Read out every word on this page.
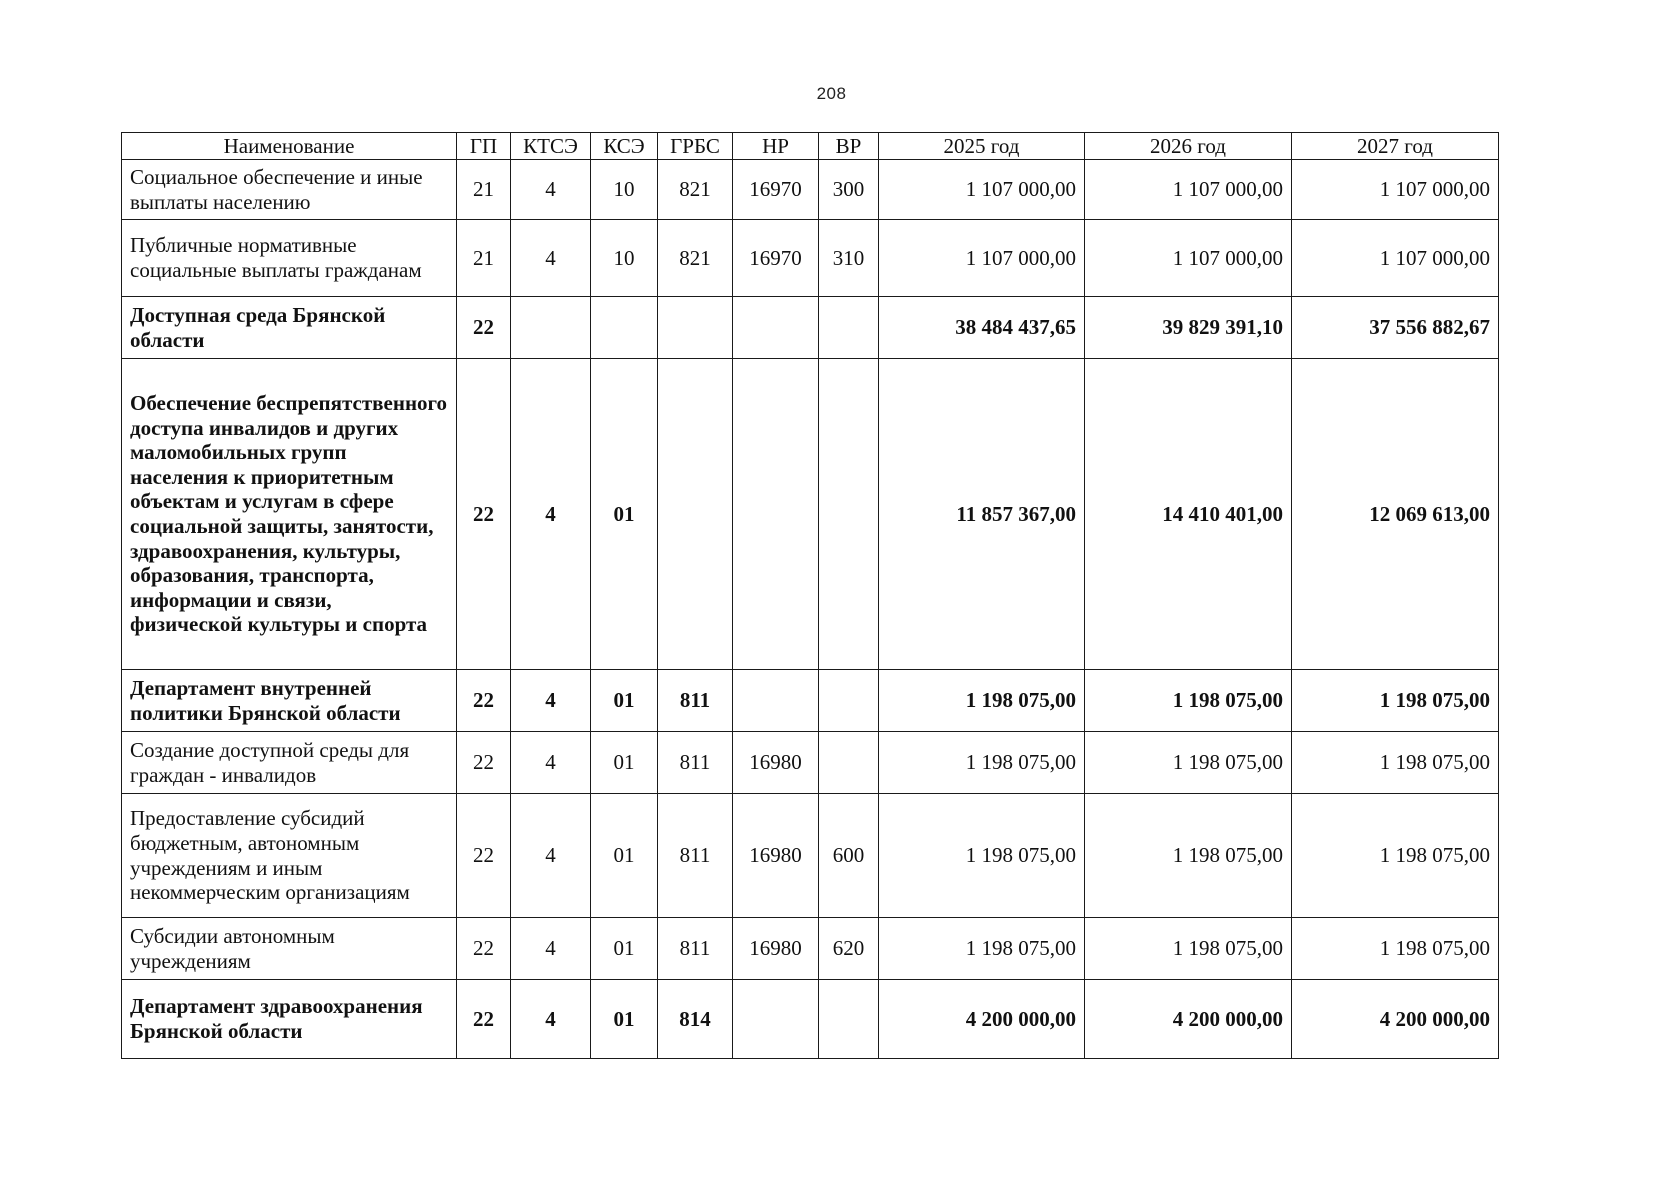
208
Наименование	ГП	КТСЭ	КСЭ	ГРБС	НР	ВР	2025 год	2026 год	2027 год
Социальное обеспечение и иные выплаты населению	21	4	10	821	16970	300	1 107 000,00	1 107 000,00	1 107 000,00
Публичные нормативные социальные выплаты гражданам	21	4	10	821	16970	310	1 107 000,00	1 107 000,00	1 107 000,00
Доступная среда Брянской области	22						38 484 437,65	39 829 391,10	37 556 882,67
Обеспечение беспрепятственного доступа инвалидов и других маломобильных групп населения к приоритетным объектам и услугам в сфере социальной защиты, занятости, здравоохранения, культуры, образования, транспорта, информации и связи, физической культуры и спорта	22	4	01				11 857 367,00	14 410 401,00	12 069 613,00
Департамент внутренней политики Брянской области	22	4	01	811			1 198 075,00	1 198 075,00	1 198 075,00
Создание доступной среды для граждан - инвалидов	22	4	01	811	16980		1 198 075,00	1 198 075,00	1 198 075,00
Предоставление субсидий бюджетным, автономным учреждениям и иным некоммерческим организациям	22	4	01	811	16980	600	1 198 075,00	1 198 075,00	1 198 075,00
Субсидии автономным учреждениям	22	4	01	811	16980	620	1 198 075,00	1 198 075,00	1 198 075,00
Департамент здравоохранения Брянской области	22	4	01	814			4 200 000,00	4 200 000,00	4 200 000,00
